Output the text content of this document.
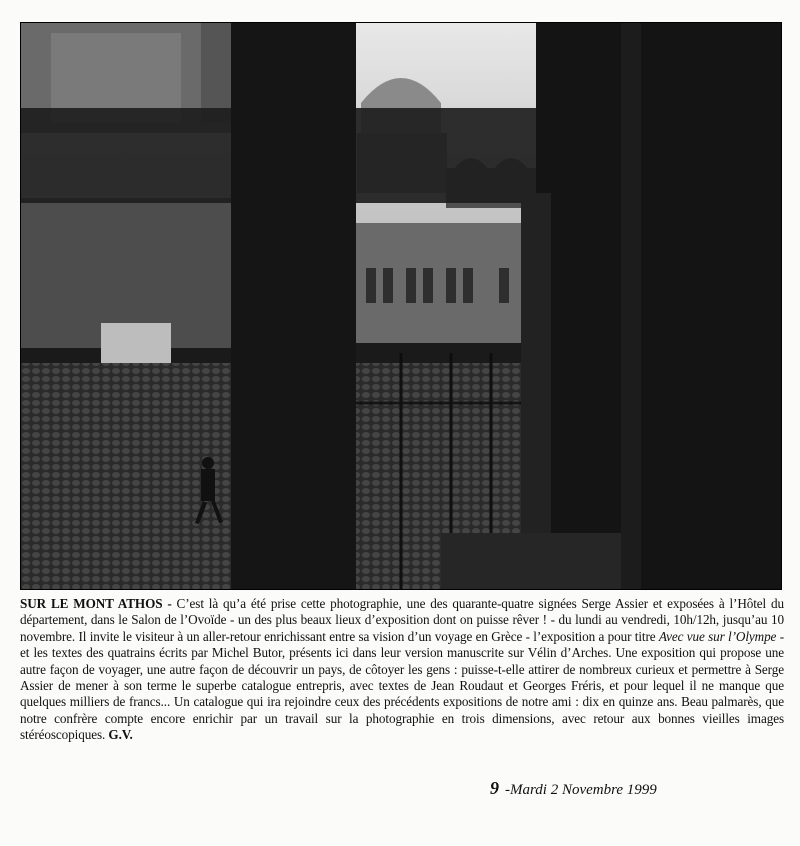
SUR LE MONT ATHOS - C’est là qu’a été prise cette photographie, une des quarante-quatre signées Serge Assier et exposées à l’Hôtel du département, dans le Salon de l’Ovoïde - un des plus beaux lieux d’exposition dont on puisse rêver ! - du lundi au vendredi, 10h/12h, jusqu’au 10 novembre. Il invite le visiteur à un aller-retour enrichissant entre sa vision d’un voyage en Grèce - l’exposition a pour titre Avec vue sur l’Olympe - et les textes des quatrains écrits par Michel Butor, présents ici dans leur version manuscrite sur Vélin d’Arches. Une exposition qui propose une autre façon de voyager, une autre façon de découvrir un pays, de côtoyer les gens : puisse-t-elle attirer de nombreux curieux et permettre à Serge Assier de mener à son terme le superbe catalogue entrepris, avec textes de Jean Roudaut et Georges Fréris, et pour lequel il ne manque que quelques milliers de francs... Un catalogue qui ira rejoindre ceux des précédents expositions de notre ami : dix en quinze ans. Beau palmarès, que notre confrère compte encore enrichir par un travail sur la photographie en trois dimensions, avec retour aux bonnes vieilles images stéréoscopiques. G.V.
9 -Mardi 2 Novembre 1999
